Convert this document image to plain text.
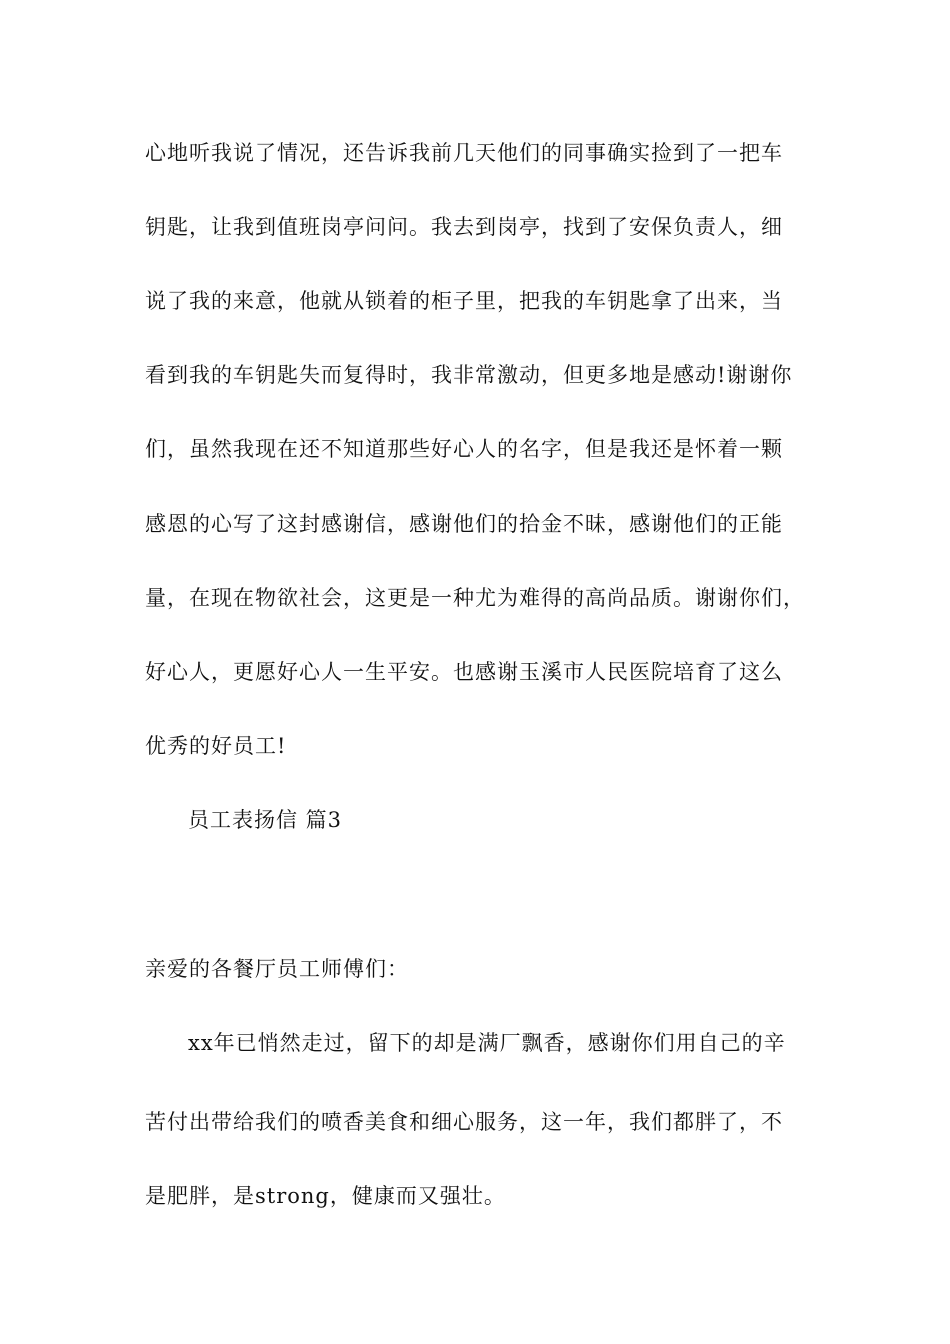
心地听我说了情况，还告诉我前几天他们的同事确实捡到了一把车
钥匙，让我到值班岗亭问问。我去到岗亭，找到了安保负责人，细
说了我的来意，他就从锁着的柜子里，把我的车钥匙拿了出来，当
看到我的车钥匙失而复得时，我非常激动，但更多地是感动!谢谢你
们，虽然我现在还不知道那些好心人的名字，但是我还是怀着一颗
感恩的心写了这封感谢信，感谢他们的拾金不昧，感谢他们的正能
量，在现在物欲社会，这更是一种尤为难得的高尚品质。谢谢你们，
好心人，更愿好心人一生平安。也感谢玉溪市人民医院培育了这么
优秀的好员工!
员工表扬信 篇3
亲爱的各餐厅员工师傅们：
xx年已悄然走过，留下的却是满厂飘香，感谢你们用自己的辛
苦付出带给我们的喷香美食和细心服务，这一年，我们都胖了，不
是肥胖，是strong，健康而又强壮。
